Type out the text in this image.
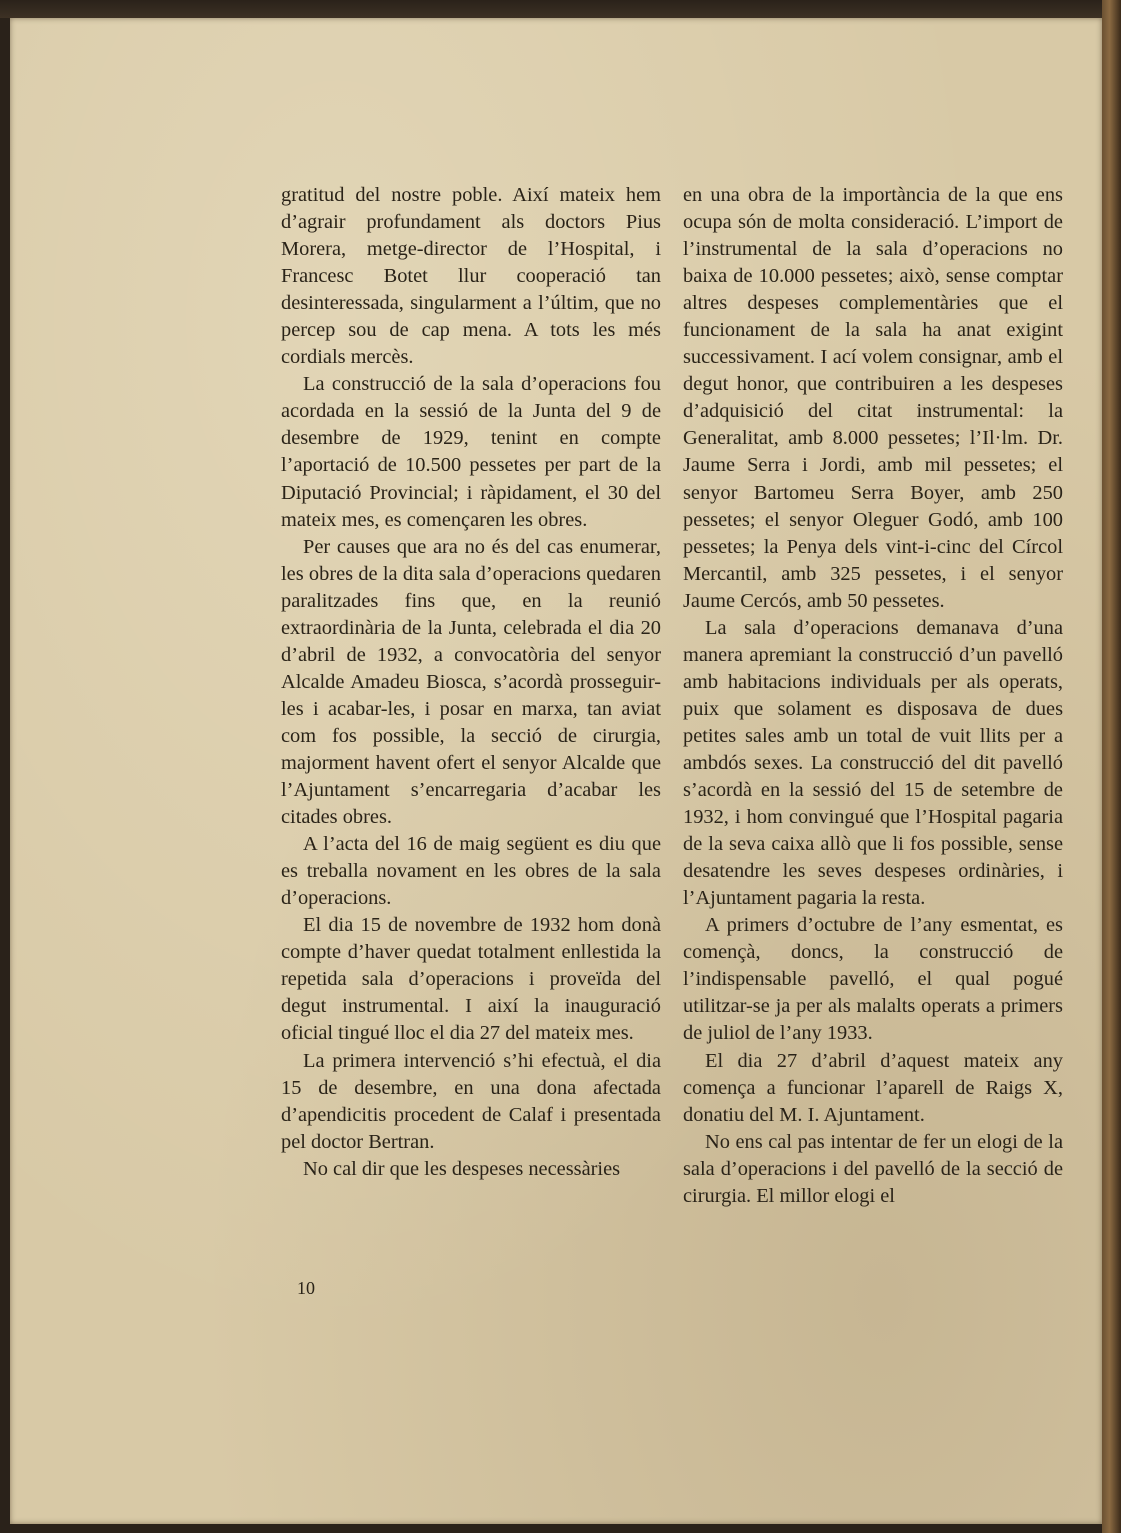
gratitud del nostre poble. Així mateix hem d’agrair profundament als doctors Pius Morera, metge-director de l’Hospital, i Francesc Botet llur cooperació tan desinteressada, singularment a l’últim, que no percep sou de cap mena. A tots les més cordials mercès.

La construcció de la sala d’operacions fou acordada en la sessió de la Junta del 9 de desembre de 1929, tenint en compte l’aportació de 10.500 pessetes per part de la Diputació Provincial; i ràpidament, el 30 del mateix mes, es començaren les obres.

Per causes que ara no és del cas enumerar, les obres de la dita sala d’operacions quedaren paralitzades fins que, en la reunió extraordinària de la Junta, celebrada el dia 20 d’abril de 1932, a convocatòria del senyor Alcalde Amadeu Biosca, s’acordà prosseguir-les i acabar-les, i posar en marxa, tan aviat com fos possible, la secció de cirurgia, majorment havent ofert el senyor Alcalde que l’Ajuntament s’encarregaria d’acabar les citades obres.

A l’acta del 16 de maig següent es diu que es treballa novament en les obres de la sala d’operacions.

El dia 15 de novembre de 1932 hom donà compte d’haver quedat totalment enllestida la repetida sala d’operacions i proveïda del degut instrumental. I així la inauguració oficial tingué lloc el dia 27 del mateix mes.

La primera intervenció s’hi efectuà, el dia 15 de desembre, en una dona afectada d’apendicitis procedent de Calaf i presentada pel doctor Bertran.

No cal dir que les despeses necessàries

en una obra de la importància de la que ens ocupa són de molta consideració. L’import de l’instrumental de la sala d’operacions no baixa de 10.000 pessetes; això, sense comptar altres despeses complementàries que el funcionament de la sala ha anat exigint successivament. I ací volem consignar, amb el degut honor, que contribuiren a les despeses d’adquisició del citat instrumental: la Generalitat, amb 8.000 pessetes; l’Il·lm. Dr. Jaume Serra i Jordi, amb mil pessetes; el senyor Bartomeu Serra Boyer, amb 250 pessetes; el senyor Oleguer Godó, amb 100 pessetes; la Penya dels vint-i-cinc del Círcol Mercantil, amb 325 pessetes, i el senyor Jaume Cercós, amb 50 pessetes.

La sala d’operacions demanava d’una manera apremiant la construcció d’un pavelló amb habitacions individuals per als operats, puix que solament es disposava de dues petites sales amb un total de vuit llits per a ambdós sexes. La construcció del dit pavelló s’acordà en la sessió del 15 de setembre de 1932, i hom convingué que l’Hospital pagaria de la seva caixa allò que li fos possible, sense desatendre les seves despeses ordinàries, i l’Ajuntament pagaria la resta.

A primers d’octubre de l’any esmentat, es començà, doncs, la construcció de l’indispensable pavelló, el qual pogué utilitzar-se ja per als malalts operats a primers de juliol de l’any 1933.

El dia 27 d’abril d’aquest mateix any comença a funcionar l’aparell de Raigs X, donatiu del M. I. Ajuntament.

No ens cal pas intentar de fer un elogi de la sala d’operacions i del pavelló de la secció de cirurgia. El millor elogi el

10
